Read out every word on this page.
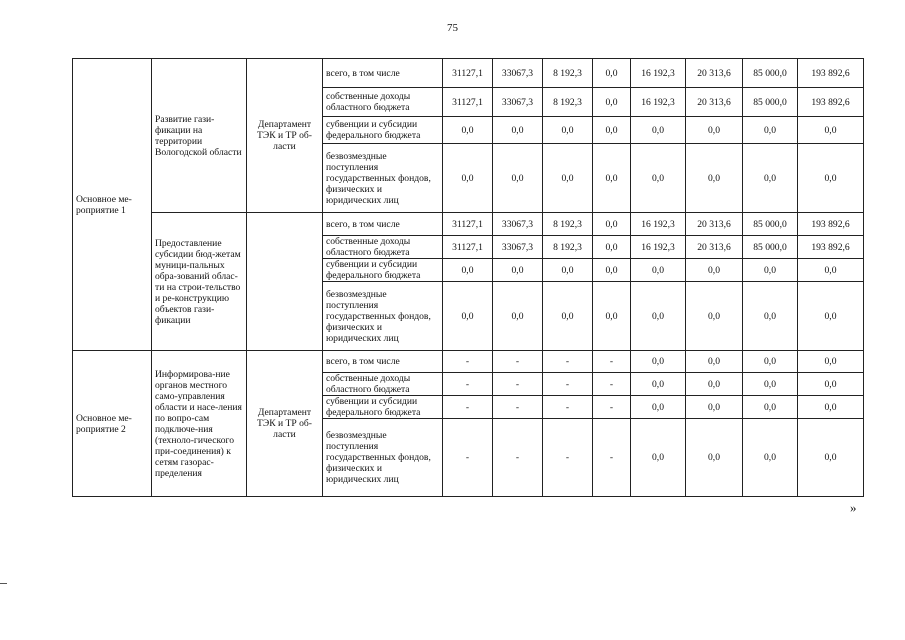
75
Основное ме-роприятие 1	Развитие гази-фикации на территории Вологодской области	Департамент ТЭК и ТР об-ласти	всего, в том числе	31127,1	33067,3	8 192,3	0,0	16 192,3	20 313,6	85 000,0	193 892,6
			собственные доходы областного бюджета	31127,1	33067,3	8 192,3	0,0	16 192,3	20 313,6	85 000,0	193 892,6
			субвенции и субсидии федерального бюджета	0,0	0,0	0,0	0,0	0,0	0,0	0,0	0,0
			безвозмездные поступления государственных фондов, физических и юридических лиц	0,0	0,0	0,0	0,0	0,0	0,0	0,0	0,0
	Предоставление субсидии бюд-жетам муници-пальных обра-зований облас-ти на строи-тельство и ре-конструкцию объектов гази-фикации		всего, в том числе	31127,1	33067,3	8 192,3	0,0	16 192,3	20 313,6	85 000,0	193 892,6
			собственные доходы областного бюджета	31127,1	33067,3	8 192,3	0,0	16 192,3	20 313,6	85 000,0	193 892,6
			субвенции и субсидии федерального бюджета	0,0	0,0	0,0	0,0	0,0	0,0	0,0	0,0
			безвозмездные поступления государственных фондов, физических и юридических лиц	0,0	0,0	0,0	0,0	0,0	0,0	0,0	0,0
Основное ме-роприятие 2	Информирова-ние органов местного само-управления области и насе-ления по вопро-сам подключе-ния (техноло-гического при-соединения) к сетям газорас-пределения	Департамент ТЭК и ТР об-ласти	всего, в том числе	-	-	-	-	0,0	0,0	0,0	0,0
			собственные доходы областного бюджета	-	-	-	-	0,0	0,0	0,0	0,0
			субвенции и субсидии федерального бюджета	-	-	-	-	0,0	0,0	0,0	0,0
			безвозмездные поступления государственных фондов, физических и юридических лиц	-	-	-	-	0,0	0,0	0,0	0,0
»
